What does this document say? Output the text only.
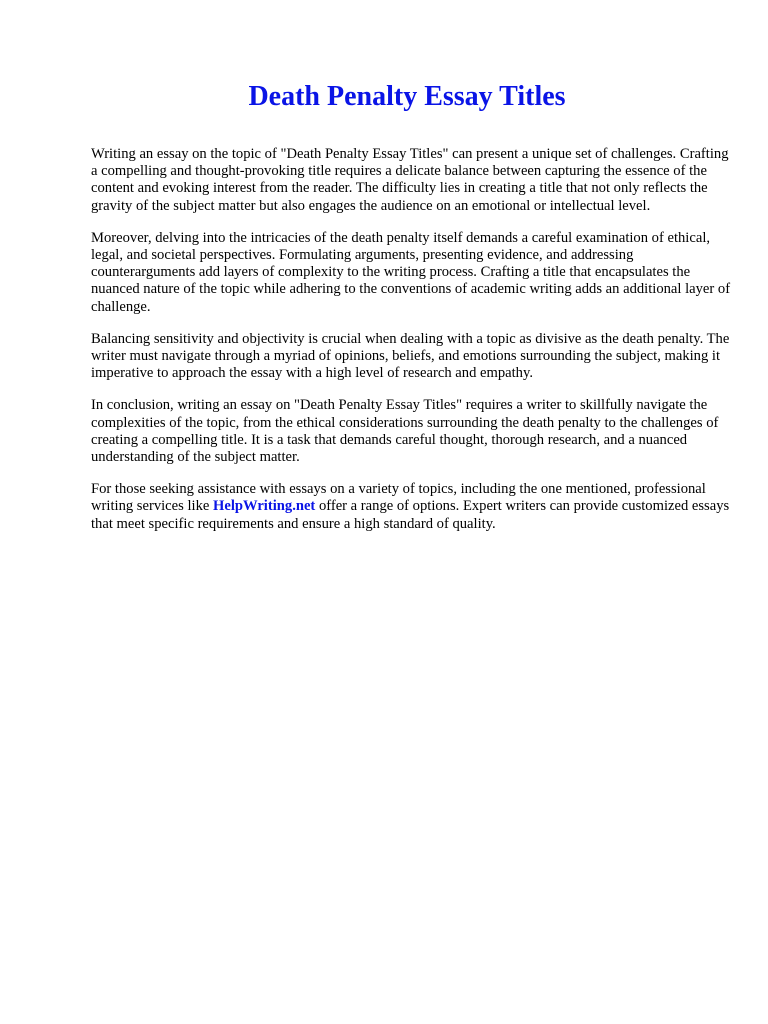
Death Penalty Essay Titles

Writing an essay on the topic of "Death Penalty Essay Titles" can present a unique set of challenges. Crafting a compelling and thought-provoking title requires a delicate balance between capturing the essence of the content and evoking interest from the reader. The difficulty lies in creating a title that not only reflects the gravity of the subject matter but also engages the audience on an emotional or intellectual level.

Moreover, delving into the intricacies of the death penalty itself demands a careful examination of ethical, legal, and societal perspectives. Formulating arguments, presenting evidence, and addressing counterarguments add layers of complexity to the writing process. Crafting a title that encapsulates the nuanced nature of the topic while adhering to the conventions of academic writing adds an additional layer of challenge.

Balancing sensitivity and objectivity is crucial when dealing with a topic as divisive as the death penalty. The writer must navigate through a myriad of opinions, beliefs, and emotions surrounding the subject, making it imperative to approach the essay with a high level of research and empathy.

In conclusion, writing an essay on "Death Penalty Essay Titles" requires a writer to skillfully navigate the complexities of the topic, from the ethical considerations surrounding the death penalty to the challenges of creating a compelling title. It is a task that demands careful thought, thorough research, and a nuanced understanding of the subject matter.

For those seeking assistance with essays on a variety of topics, including the one mentioned, professional writing services like HelpWriting.net offer a range of options. Expert writers can provide customized essays that meet specific requirements and ensure a high standard of quality.
